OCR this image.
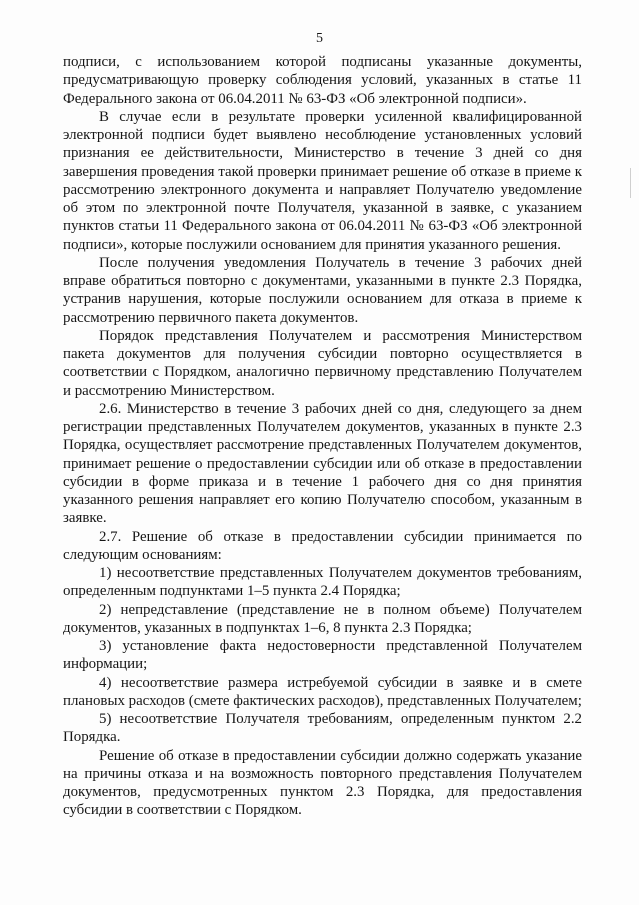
5

подписи, с использованием которой подписаны указанные документы, предусматривающую проверку соблюдения условий, указанных в статье 11 Федерального закона от 06.04.2011 № 63-ФЗ «Об электронной подписи».

В случае если в результате проверки усиленной квалифицированной электронной подписи будет выявлено несоблюдение установленных условий признания ее действительности, Министерство в течение 3 дней со дня завершения проведения такой проверки принимает решение об отказе в приеме к рассмотрению электронного документа и направляет Получателю уведомление об этом по электронной почте Получателя, указанной в заявке, с указанием пунктов статьи 11 Федерального закона от 06.04.2011 № 63-ФЗ «Об электронной подписи», которые послужили основанием для принятия указанного решения.

После получения уведомления Получатель в течение 3 рабочих дней вправе обратиться повторно с документами, указанными в пункте 2.3 Порядка, устранив нарушения, которые послужили основанием для отказа в приеме к рассмотрению первичного пакета документов.

Порядок представления Получателем и рассмотрения Министерством пакета документов для получения субсидии повторно осуществляется в соответствии с Порядком, аналогично первичному представлению Получателем и рассмотрению Министерством.

2.6. Министерство в течение 3 рабочих дней со дня, следующего за днем регистрации представленных Получателем документов, указанных в пункте 2.3 Порядка, осуществляет рассмотрение представленных Получателем документов, принимает решение о предоставлении субсидии или об отказе в предоставлении субсидии в форме приказа и в течение 1 рабочего дня со дня принятия указанного решения направляет его копию Получателю способом, указанным в заявке.

2.7. Решение об отказе в предоставлении субсидии принимается по следующим основаниям:

1) несоответствие представленных Получателем документов требованиям, определенным подпунктами 1–5 пункта 2.4 Порядка;

2) непредставление (представление не в полном объеме) Получателем документов, указанных в подпунктах 1–6, 8 пункта 2.3 Порядка;

3) установление факта недостоверности представленной Получателем информации;

4) несоответствие размера истребуемой субсидии в заявке и в смете плановых расходов (смете фактических расходов), представленных Получателем;

5) несоответствие Получателя требованиям, определенным пунктом 2.2 Порядка.

Решение об отказе в предоставлении субсидии должно содержать указание на причины отказа и на возможность повторного представления Получателем документов, предусмотренных пунктом 2.3 Порядка, для предоставления субсидии в соответствии с Порядком.
